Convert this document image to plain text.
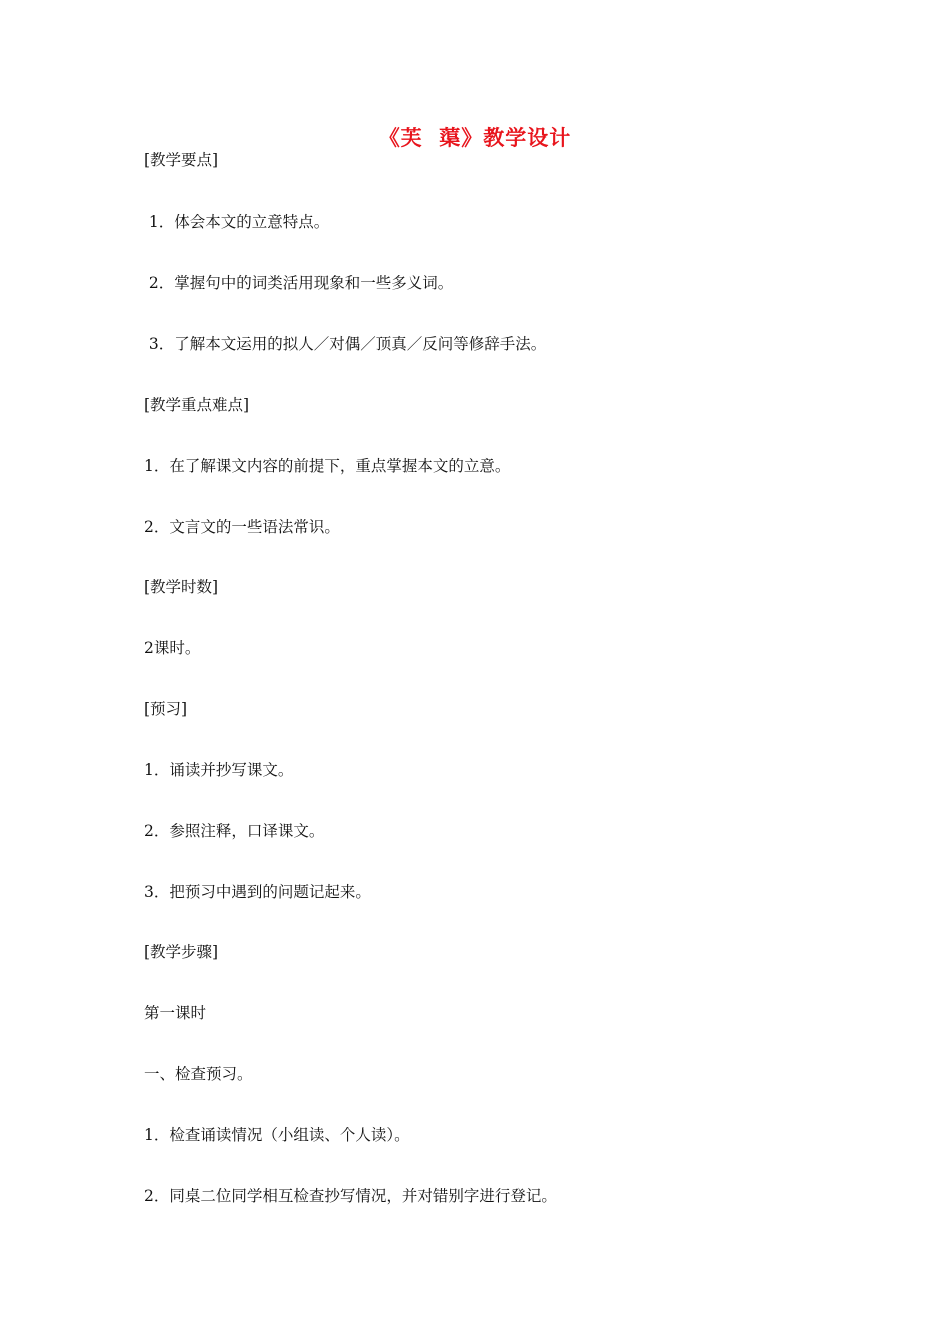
《芙  蕖》教学设计
[教学要点]
1．体会本文的立意特点。
2．掌握句中的词类活用现象和一些多义词。
3．了解本文运用的拟人／对偶／顶真／反问等修辞手法。
[教学重点难点]
1．在了解课文内容的前提下，重点掌握本文的立意。
2．文言文的一些语法常识。
[教学时数]
2课时。
[预习]
1．诵读并抄写课文。
2．参照注释，口译课文。
3．把预习中遇到的问题记起来。
[教学步骤]
第一课时
一、检查预习。
1．检查诵读情况（小组读、个人读）。
2．同桌二位同学相互检查抄写情况，并对错别字进行登记。
